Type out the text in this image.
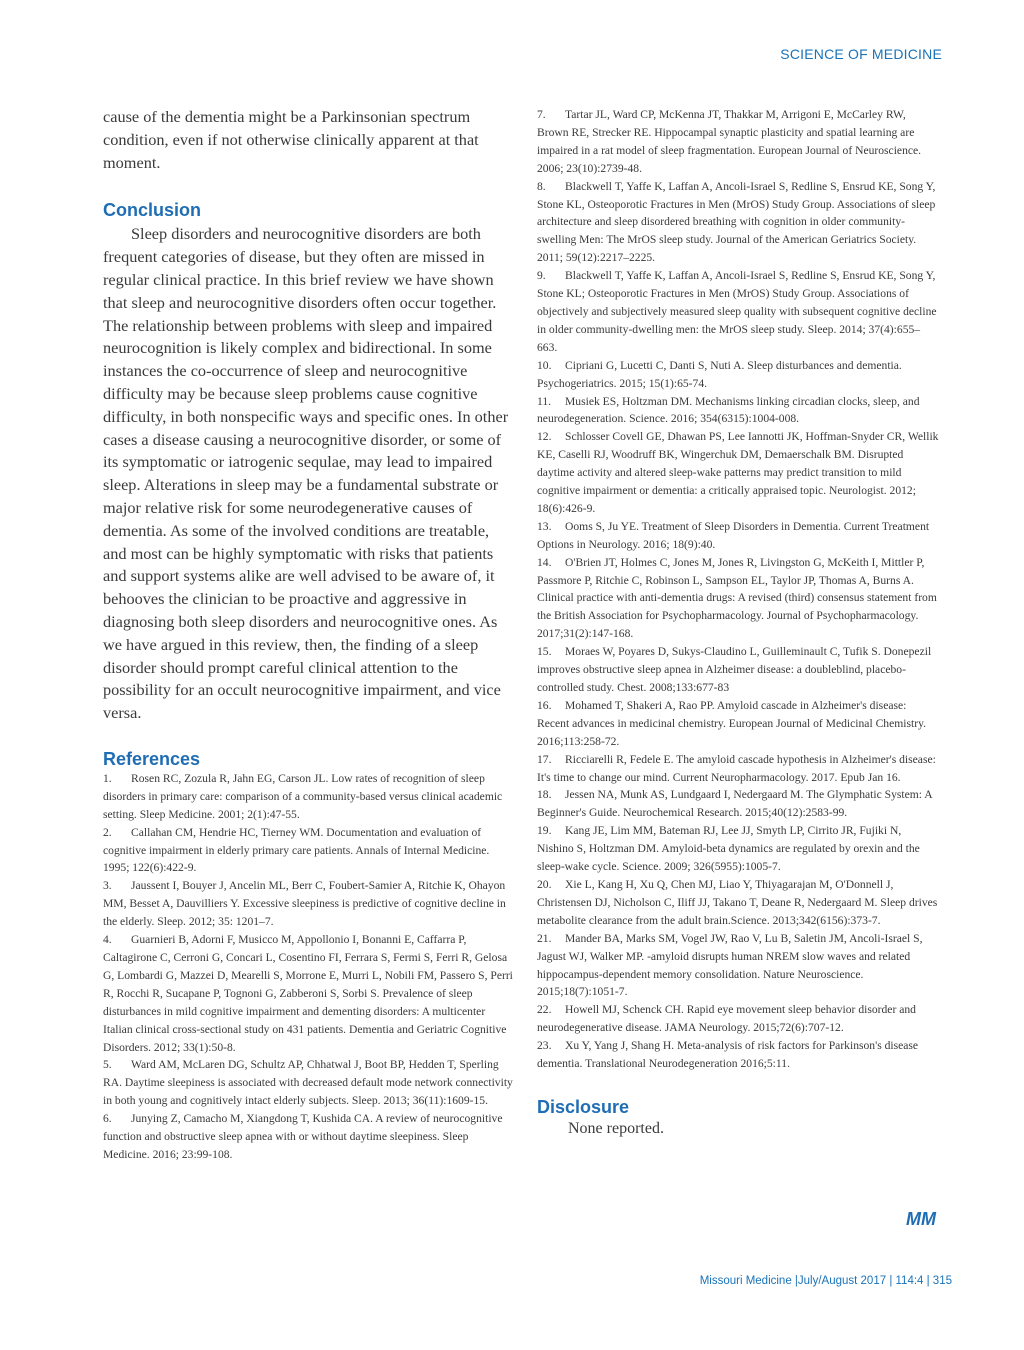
SCIENCE OF MEDICINE

cause of the dementia might be a Parkinsonian spectrum condition, even if not otherwise clinically apparent at that moment.

Conclusion

Sleep disorders and neurocognitive disorders are both frequent categories of disease, but they often are missed in regular clinical practice. In this brief review we have shown that sleep and neurocognitive disorders often occur together. The relationship between problems with sleep and impaired neurocognition is likely complex and bidirectional. In some instances the co-occurrence of sleep and neurocognitive difficulty may be because sleep problems cause cognitive difficulty, in both nonspecific ways and specific ones. In other cases a disease causing a neurocognitive disorder, or some of its symptomatic or iatrogenic sequlae, may lead to impaired sleep. Alterations in sleep may be a fundamental substrate or major relative risk for some neurodegenerative causes of dementia. As some of the involved conditions are treatable, and most can be highly symptomatic with risks that patients and support systems alike are well advised to be aware of, it behooves the clinician to be proactive and aggressive in diagnosing both sleep disorders and neurocognitive ones. As we have argued in this review, then, the finding of a sleep disorder should prompt careful clinical attention to the possibility for an occult neurocognitive impairment, and vice versa.

References
1. Rosen RC, Zozula R, Jahn EG, Carson JL. Low rates of recognition of sleep disorders in primary care: comparison of a community-based versus clinical academic setting. Sleep Medicine. 2001; 2(1):47-55.
2. Callahan CM, Hendrie HC, Tierney WM. Documentation and evaluation of cognitive impairment in elderly primary care patients. Annals of Internal Medicine. 1995; 122(6):422-9.
3. Jaussent I, Bouyer J, Ancelin ML, Berr C, Foubert-Samier A, Ritchie K, Ohayon MM, Besset A, Dauvilliers Y. Excessive sleepiness is predictive of cognitive decline in the elderly. Sleep. 2012; 35: 1201–7.
4. Guarnieri B, Adorni F, Musicco M, Appollonio I, Bonanni E, Caffarra P, Caltagirone C, Cerroni G, Concari L, Cosentino FI, Ferrara S, Fermi S, Ferri R, Gelosa G, Lombardi G, Mazzei D, Mearelli S, Morrone E, Murri L, Nobili FM, Passero S, Perri R, Rocchi R, Sucapane P, Tognoni G, Zabberoni S, Sorbi S. Prevalence of sleep disturbances in mild cognitive impairment and dementing disorders: A multicenter Italian clinical cross-sectional study on 431 patients. Dementia and Geriatric Cognitive Disorders. 2012; 33(1):50-8.
5. Ward AM, McLaren DG, Schultz AP, Chhatwal J, Boot BP, Hedden T, Sperling RA. Daytime sleepiness is associated with decreased default mode network connectivity in both young and cognitively intact elderly subjects. Sleep. 2013; 36(11):1609-15.
6. Junying Z, Camacho M, Xiangdong T, Kushida CA. A review of neurocognitive function and obstructive sleep apnea with or without daytime sleepiness. Sleep Medicine. 2016; 23:99-108.
7. Tartar JL, Ward CP, McKenna JT, Thakkar M, Arrigoni E, McCarley RW, Brown RE, Strecker RE. Hippocampal synaptic plasticity and spatial learning are impaired in a rat model of sleep fragmentation. European Journal of Neuroscience. 2006; 23(10):2739-48.
8. Blackwell T, Yaffe K, Laffan A, Ancoli-Israel S, Redline S, Ensrud KE, Song Y, Stone KL, Osteoporotic Fractures in Men (MrOS) Study Group. Associations of sleep architecture and sleep disordered breathing with cognition in older community-swelling Men: The MrOS sleep study. Journal of the American Geriatrics Society. 2011; 59(12):2217–2225.
9. Blackwell T, Yaffe K, Laffan A, Ancoli-Israel S, Redline S, Ensrud KE, Song Y, Stone KL; Osteoporotic Fractures in Men (MrOS) Study Group. Associations of objectively and subjectively measured sleep quality with subsequent cognitive decline in older community-dwelling men: the MrOS sleep study. Sleep. 2014; 37(4):655–663.
10. Cipriani G, Lucetti C, Danti S, Nuti A. Sleep disturbances and dementia. Psychogeriatrics. 2015; 15(1):65-74.
11. Musiek ES, Holtzman DM. Mechanisms linking circadian clocks, sleep, and neurodegeneration. Science. 2016; 354(6315):1004-008.
12. Schlosser Covell GE, Dhawan PS, Lee Iannotti JK, Hoffman-Snyder CR, Wellik KE, Caselli RJ, Woodruff BK, Wingerchuk DM, Demaerschalk BM. Disrupted daytime activity and altered sleep-wake patterns may predict transition to mild cognitive impairment or dementia: a critically appraised topic. Neurologist. 2012; 18(6):426-9.
13. Ooms S, Ju YE. Treatment of Sleep Disorders in Dementia. Current Treatment Options in Neurology. 2016; 18(9):40.
14. O'Brien JT, Holmes C, Jones M, Jones R, Livingston G, McKeith I, Mittler P, Passmore P, Ritchie C, Robinson L, Sampson EL, Taylor JP, Thomas A, Burns A. Clinical practice with anti-dementia drugs: A revised (third) consensus statement from the British Association for Psychopharmacology. Journal of Psychopharmacology. 2017;31(2):147-168.
15. Moraes W, Poyares D, Sukys-Claudino L, Guilleminault C, Tufik S. Donepezil improves obstructive sleep apnea in Alzheimer disease: a doubleblind, placebo-controlled study. Chest. 2008;133:677-83
16. Mohamed T, Shakeri A, Rao PP. Amyloid cascade in Alzheimer's disease: Recent advances in medicinal chemistry. European Journal of Medicinal Chemistry. 2016;113:258-72.
17. Ricciarelli R, Fedele E. The amyloid cascade hypothesis in Alzheimer's disease: It's time to change our mind. Current Neuropharmacology. 2017. Epub Jan 16.
18. Jessen NA, Munk AS, Lundgaard I, Nedergaard M. The Glymphatic System: A Beginner's Guide. Neurochemical Research. 2015;40(12):2583-99.
19. Kang JE, Lim MM, Bateman RJ, Lee JJ, Smyth LP, Cirrito JR, Fujiki N, Nishino S, Holtzman DM. Amyloid-beta dynamics are regulated by orexin and the sleep-wake cycle. Science. 2009; 326(5955):1005-7.
20. Xie L, Kang H, Xu Q, Chen MJ, Liao Y, Thiyagarajan M, O'Donnell J, Christensen DJ, Nicholson C, Iliff JJ, Takano T, Deane R, Nedergaard M. Sleep drives metabolite clearance from the adult brain.Science. 2013;342(6156):373-7.
21. Mander BA, Marks SM, Vogel JW, Rao V, Lu B, Saletin JM, Ancoli-Israel S, Jagust WJ, Walker MP. -amyloid disrupts human NREM slow waves and related hippocampus-dependent memory consolidation. Nature Neuroscience. 2015;18(7):1051-7.
22. Howell MJ, Schenck CH. Rapid eye movement sleep behavior disorder and neurodegenerative disease. JAMA Neurology. 2015;72(6):707-12.
23. Xu Y, Yang J, Shang H. Meta-analysis of risk factors for Parkinson's disease dementia. Translational Neurodegeneration 2016;5:11.
Disclosure

None reported.

MM
Missouri Medicine |July/August 2017 | 114:4 | 315
